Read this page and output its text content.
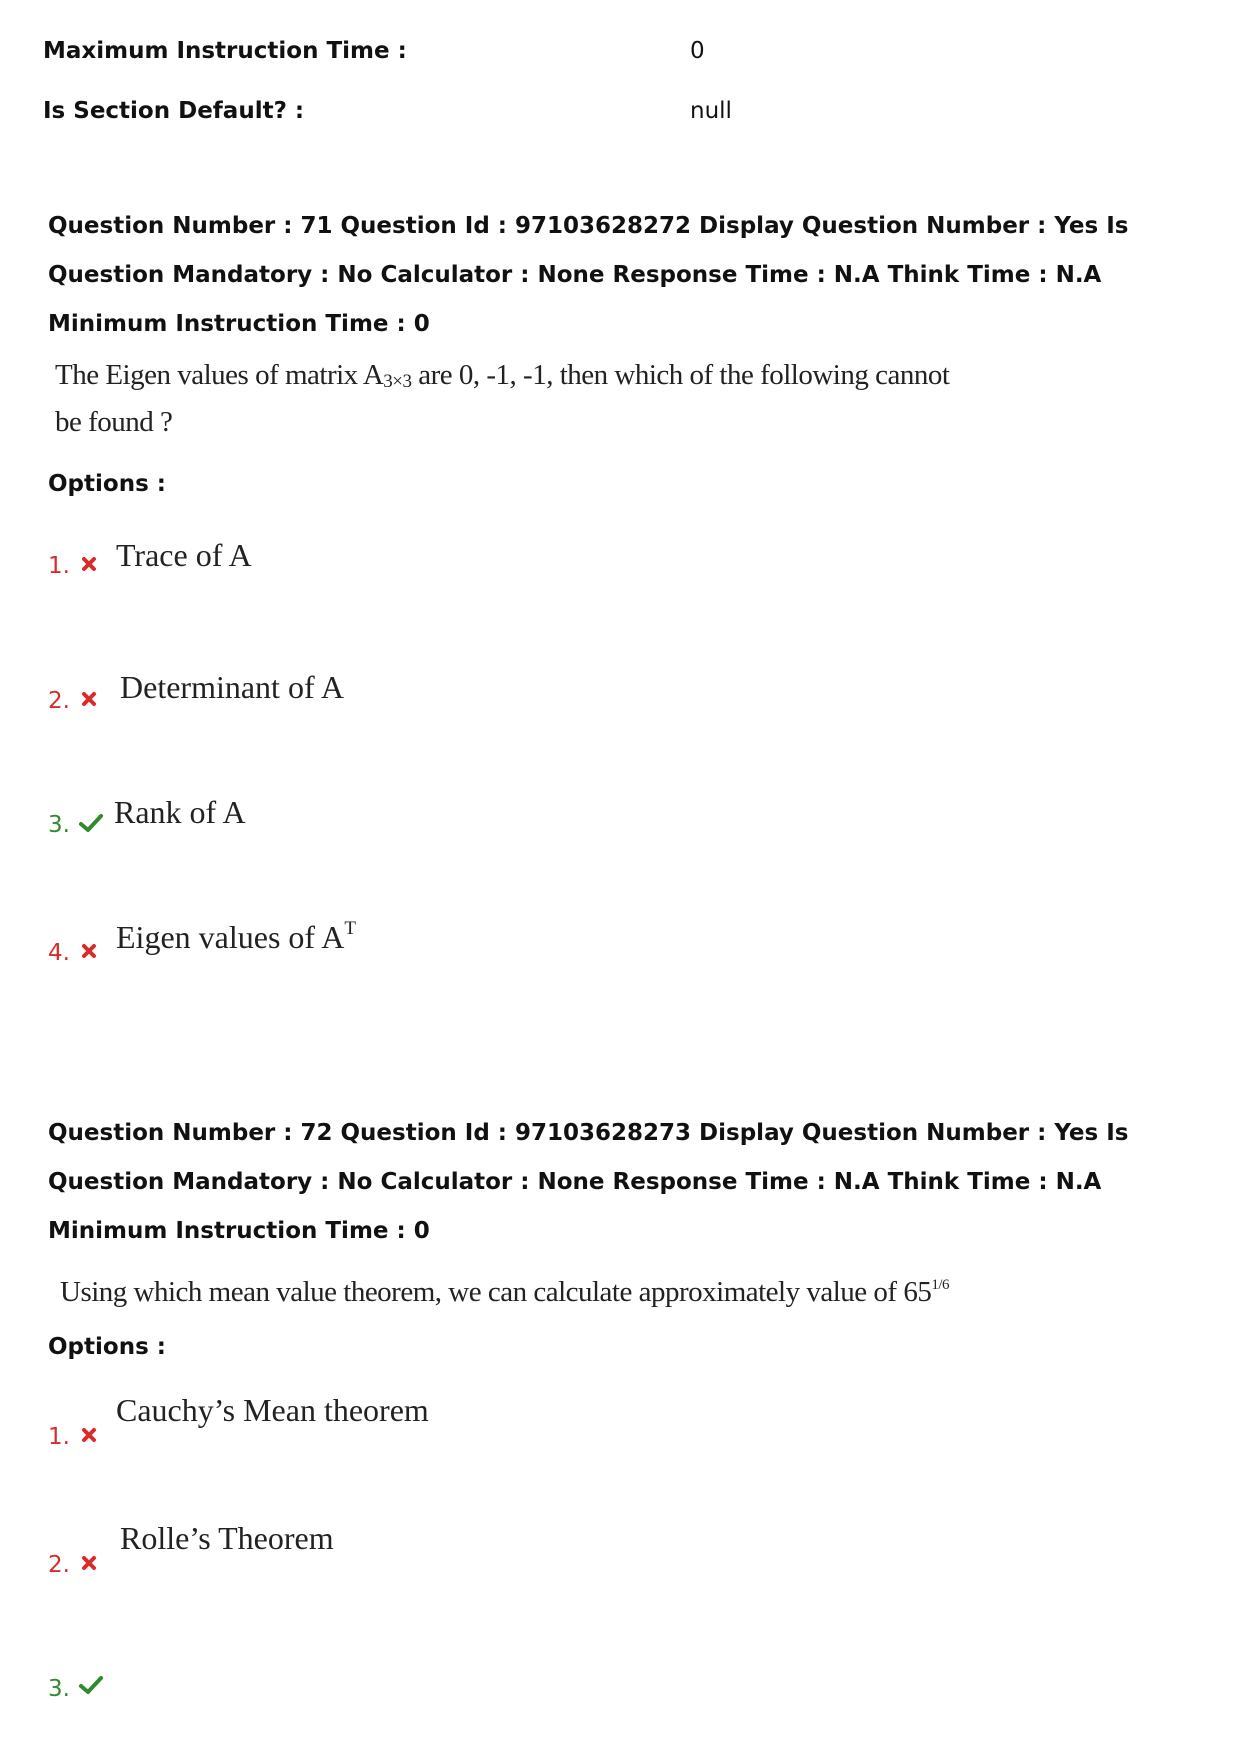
Maximum Instruction Time :	0
Is Section Default? :	null

Question Number : 71 Question Id : 97103628272 Display Question Number : Yes Is Question Mandatory : No Calculator : None Response Time : N.A Think Time : N.A Minimum Instruction Time : 0

The Eigen values of matrix $A_{3\times 3}$ are 0, -1, -1, then which of the following cannot
be found ?

Options :
1. Trace of A
2. Determinant of A
3. Rank of A
4. Eigen values of $A^T$

Question Number : 72 Question Id : 97103628273 Display Question Number : Yes Is Question Mandatory : No Calculator : None Response Time : N.A Think Time : N.A Minimum Instruction Time : 0

Using which mean value theorem, we can calculate approximately value of $65^{1/6}$

Options :
1.
Cauchy’s Mean theorem
2.
Rolle’s Theorem
3.
